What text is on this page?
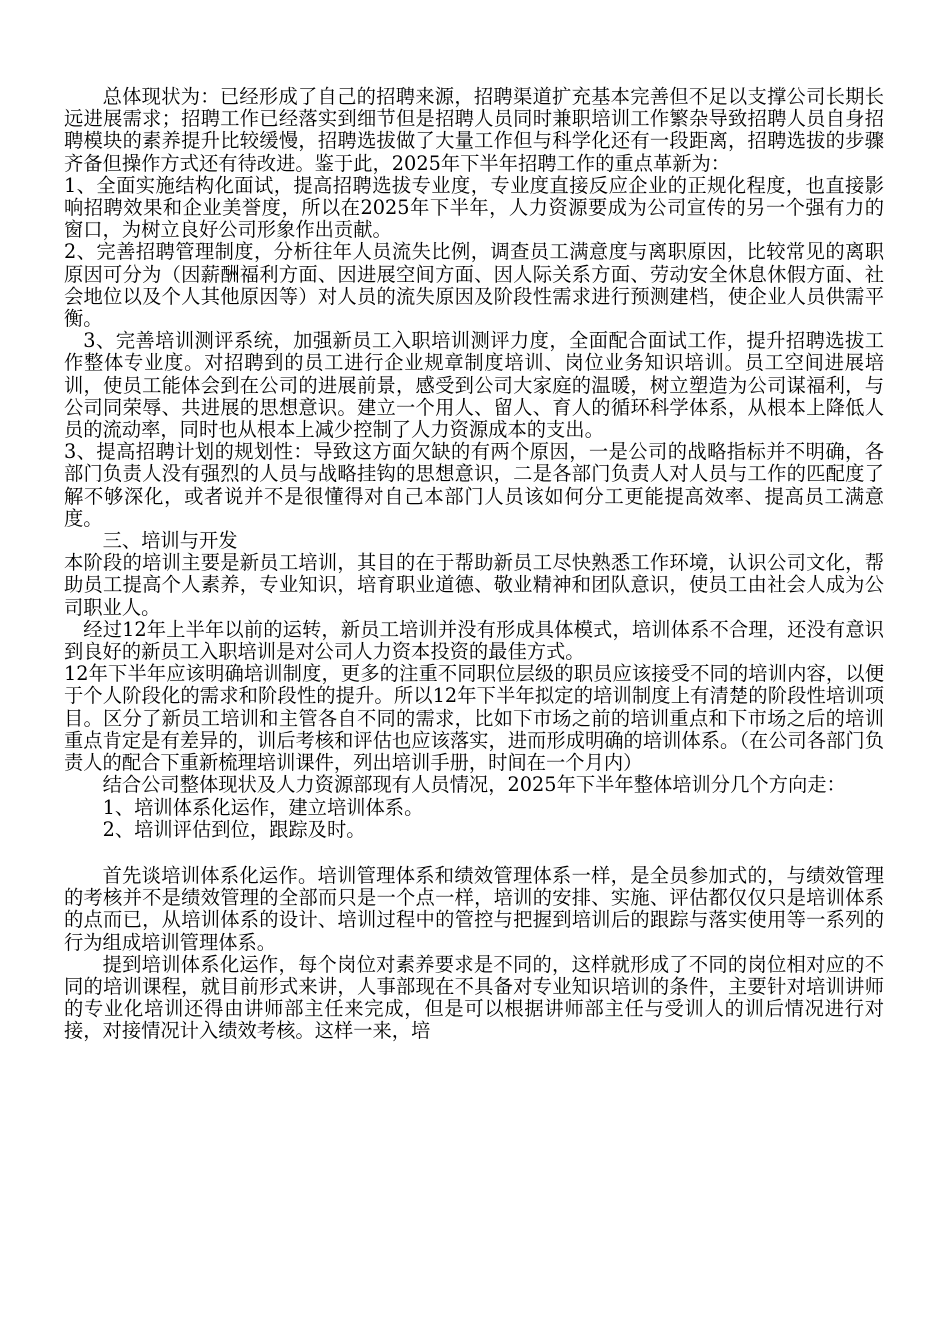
总体现状为：已经形成了自己的招聘来源，招聘渠道扩充基本完善但不足以支撑公司长期长远进展需求；招聘工作已经落实到细节但是招聘人员同时兼职培训工作繁杂导致招聘人员自身招聘模块的素养提升比较缓慢，招聘选拔做了大量工作但与科学化还有一段距离，招聘选拔的步骤齐备但操作方式还有待改进。鉴于此，2025年下半年招聘工作的重点革新为：

1、全面实施结构化面试，提高招聘选拔专业度，专业度直接反应企业的正规化程度，也直接影响招聘效果和企业美誉度，所以在2025年下半年，人力资源要成为公司宣传的另一个强有力的窗口，为树立良好公司形象作出贡献。

2、完善招聘管理制度，分析往年人员流失比例，调查员工满意度与离职原因，比较常见的离职原因可分为（因薪酬福利方面、因进展空间方面、因人际关系方面、劳动安全休息休假方面、社会地位以及个人其他原因等）对人员的流失原因及阶段性需求进行预测建档，使企业人员供需平衡。

3、完善培训测评系统，加强新员工入职培训测评力度，全面配合面试工作，提升招聘选拔工作整体专业度。对招聘到的员工进行企业规章制度培训、岗位业务知识培训。员工空间进展培训，使员工能体会到在公司的进展前景，感受到公司大家庭的温暖，树立塑造为公司谋福利，与公司同荣辱、共进展的思想意识。建立一个用人、留人、育人的循环科学体系，从根本上降低人员的流动率，同时也从根本上减少控制了人力资源成本的支出。

3、提高招聘计划的规划性：导致这方面欠缺的有两个原因，一是公司的战略指标并不明确，各部门负责人没有强烈的人员与战略挂钩的思想意识，二是各部门负责人对人员与工作的匹配度了解不够深化，或者说并不是很懂得对自己本部门人员该如何分工更能提高效率、提高员工满意度。

三、培训与开发

本阶段的培训主要是新员工培训，其目的在于帮助新员工尽快熟悉工作环境，认识公司文化，帮助员工提高个人素养，专业知识，培育职业道德、敬业精神和团队意识，使员工由社会人成为公司职业人。

经过12年上半年以前的运转，新员工培训并没有形成具体模式，培训体系不合理，还没有意识到良好的新员工入职培训是对公司人力资本投资的最佳方式。

12年下半年应该明确培训制度，更多的注重不同职位层级的职员应该接受不同的培训内容，以便于个人阶段化的需求和阶段性的提升。所以12年下半年拟定的培训制度上有清楚的阶段性培训项目。区分了新员工培训和主管各自不同的需求，比如下市场之前的培训重点和下市场之后的培训重点肯定是有差异的，训后考核和评估也应该落实，进而形成明确的培训体系。（在公司各部门负责人的配合下重新梳理培训课件，列出培训手册，时间在一个月内）

结合公司整体现状及人力资源部现有人员情况，2025年下半年整体培训分几个方向走：

1、培训体系化运作，建立培训体系。

2、培训评估到位，跟踪及时。

首先谈培训体系化运作。培训管理体系和绩效管理体系一样，是全员参加式的，与绩效管理的考核并不是绩效管理的全部而只是一个点一样，培训的安排、实施、评估都仅仅只是培训体系的点而已，从培训体系的设计、培训过程中的管控与把握到培训后的跟踪与落实使用等一系列的行为组成培训管理体系。

提到培训体系化运作，每个岗位对素养要求是不同的，这样就形成了不同的岗位相对应的不同的培训课程，就目前形式来讲，人事部现在不具备对专业知识培训的条件，主要针对培训讲师的专业化培训还得由讲师部主任来完成，但是可以根据讲师部主任与受训人的训后情况进行对接，对接情况计入绩效考核。这样一来，培
